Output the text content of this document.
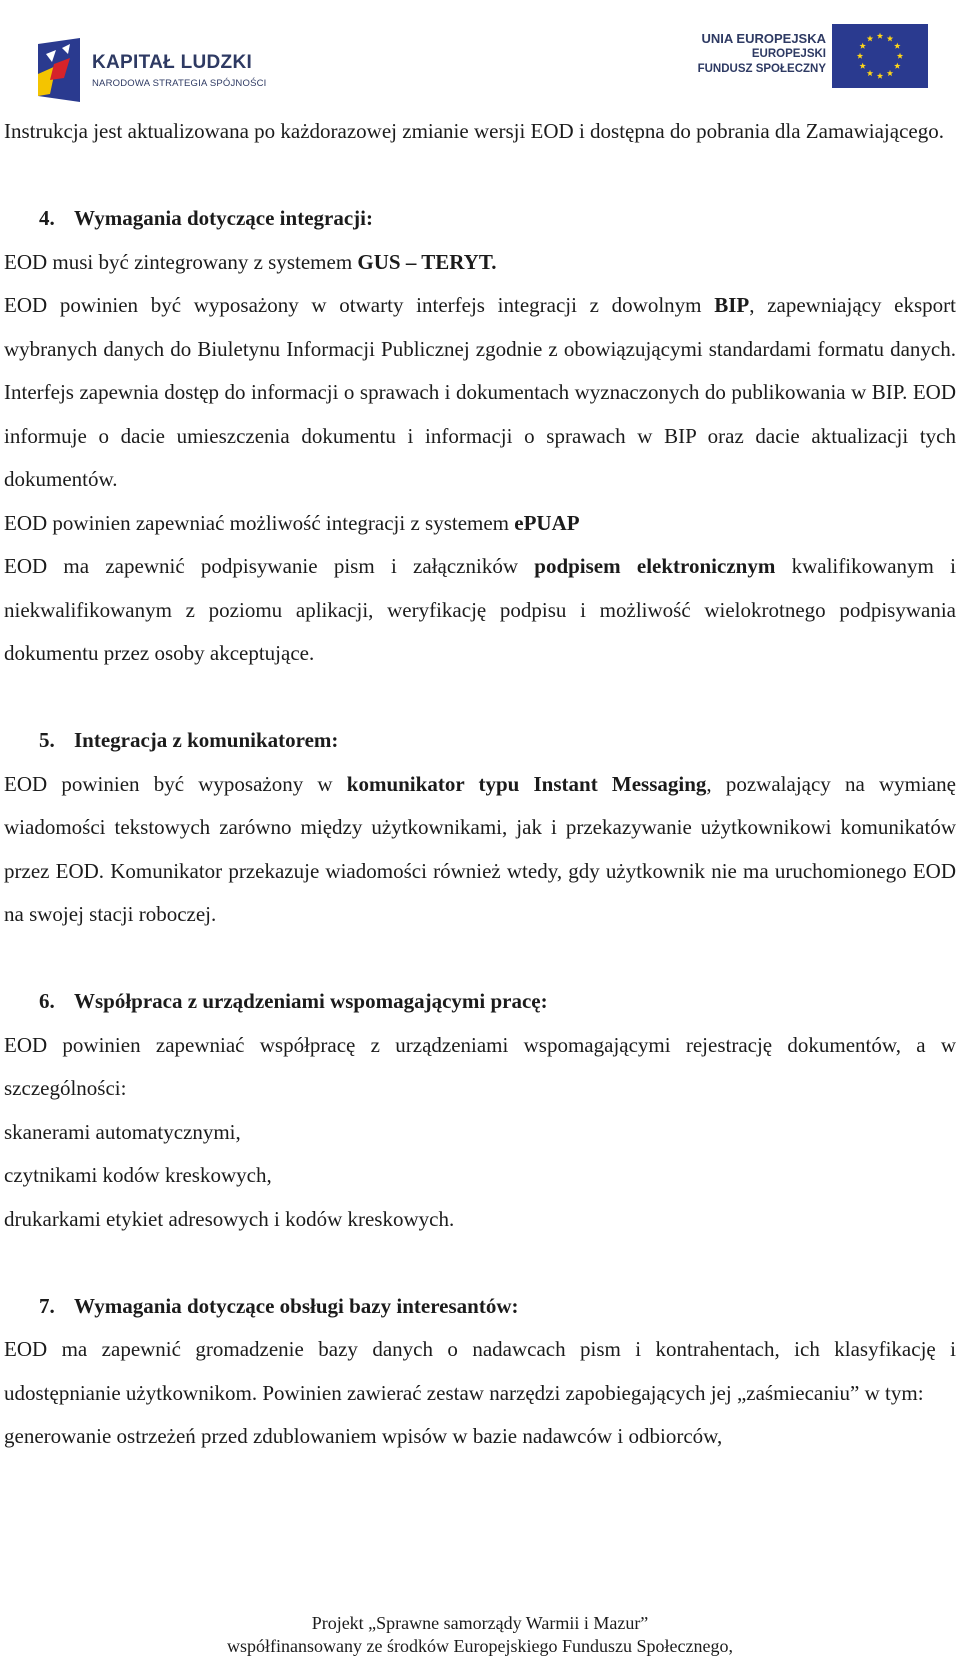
KAPITAŁ LUDZKI
NARODOWA STRATEGIA SPÓJNOŚCI
UNIA EUROPEJSKA
EUROPEJSKI
FUNDUSZ SPOŁECZNY

Instrukcja jest aktualizowana po każdorazowej zmianie wersji EOD i dostępna do pobrania dla Zamawiającego.

4. Wymagania dotyczące integracji:

EOD musi być zintegrowany z systemem GUS – TERYT.

EOD powinien być wyposażony w otwarty interfejs integracji z dowolnym BIP, zapewniający eksport wybranych danych do Biuletynu Informacji Publicznej zgodnie z obowiązującymi standardami formatu danych. Interfejs zapewnia dostęp do informacji o sprawach i dokumentach wyznaczonych do publikowania w BIP. EOD informuje o dacie umieszczenia dokumentu i informacji o sprawach w BIP oraz dacie aktualizacji tych dokumentów.

EOD powinien zapewniać możliwość integracji z systemem ePUAP

EOD ma zapewnić podpisywanie pism i załączników podpisem elektronicznym kwalifikowanym i niekwalifikowanym z poziomu aplikacji, weryfikację podpisu i możliwość wielokrotnego podpisywania dokumentu przez osoby akceptujące.

5. Integracja z komunikatorem:

EOD powinien być wyposażony w komunikator typu Instant Messaging, pozwalający na wymianę wiadomości tekstowych zarówno między użytkownikami, jak i przekazywanie użytkownikowi komunikatów przez EOD. Komunikator przekazuje wiadomości również wtedy, gdy użytkownik nie ma uruchomionego EOD na swojej stacji roboczej.

6. Współpraca z urządzeniami wspomagającymi pracę:

EOD powinien zapewniać współpracę z urządzeniami wspomagającymi rejestrację dokumentów, a w szczególności:

skanerami automatycznymi,

czytnikami kodów kreskowych,

drukarkami etykiet adresowych i kodów kreskowych.

7. Wymagania dotyczące obsługi bazy interesantów:

EOD ma zapewnić gromadzenie bazy danych o nadawcach pism i kontrahentach, ich klasyfikację i udostępnianie użytkownikom. Powinien zawierać zestaw narzędzi zapobiegających jej „zaśmiecaniu” w tym:

generowanie ostrzeżeń przed zdublowaniem wpisów w bazie nadawców i odbiorców,

Projekt „Sprawne samorządy Warmii i Mazur”
współfinansowany ze środków Europejskiego Funduszu Społecznego,
